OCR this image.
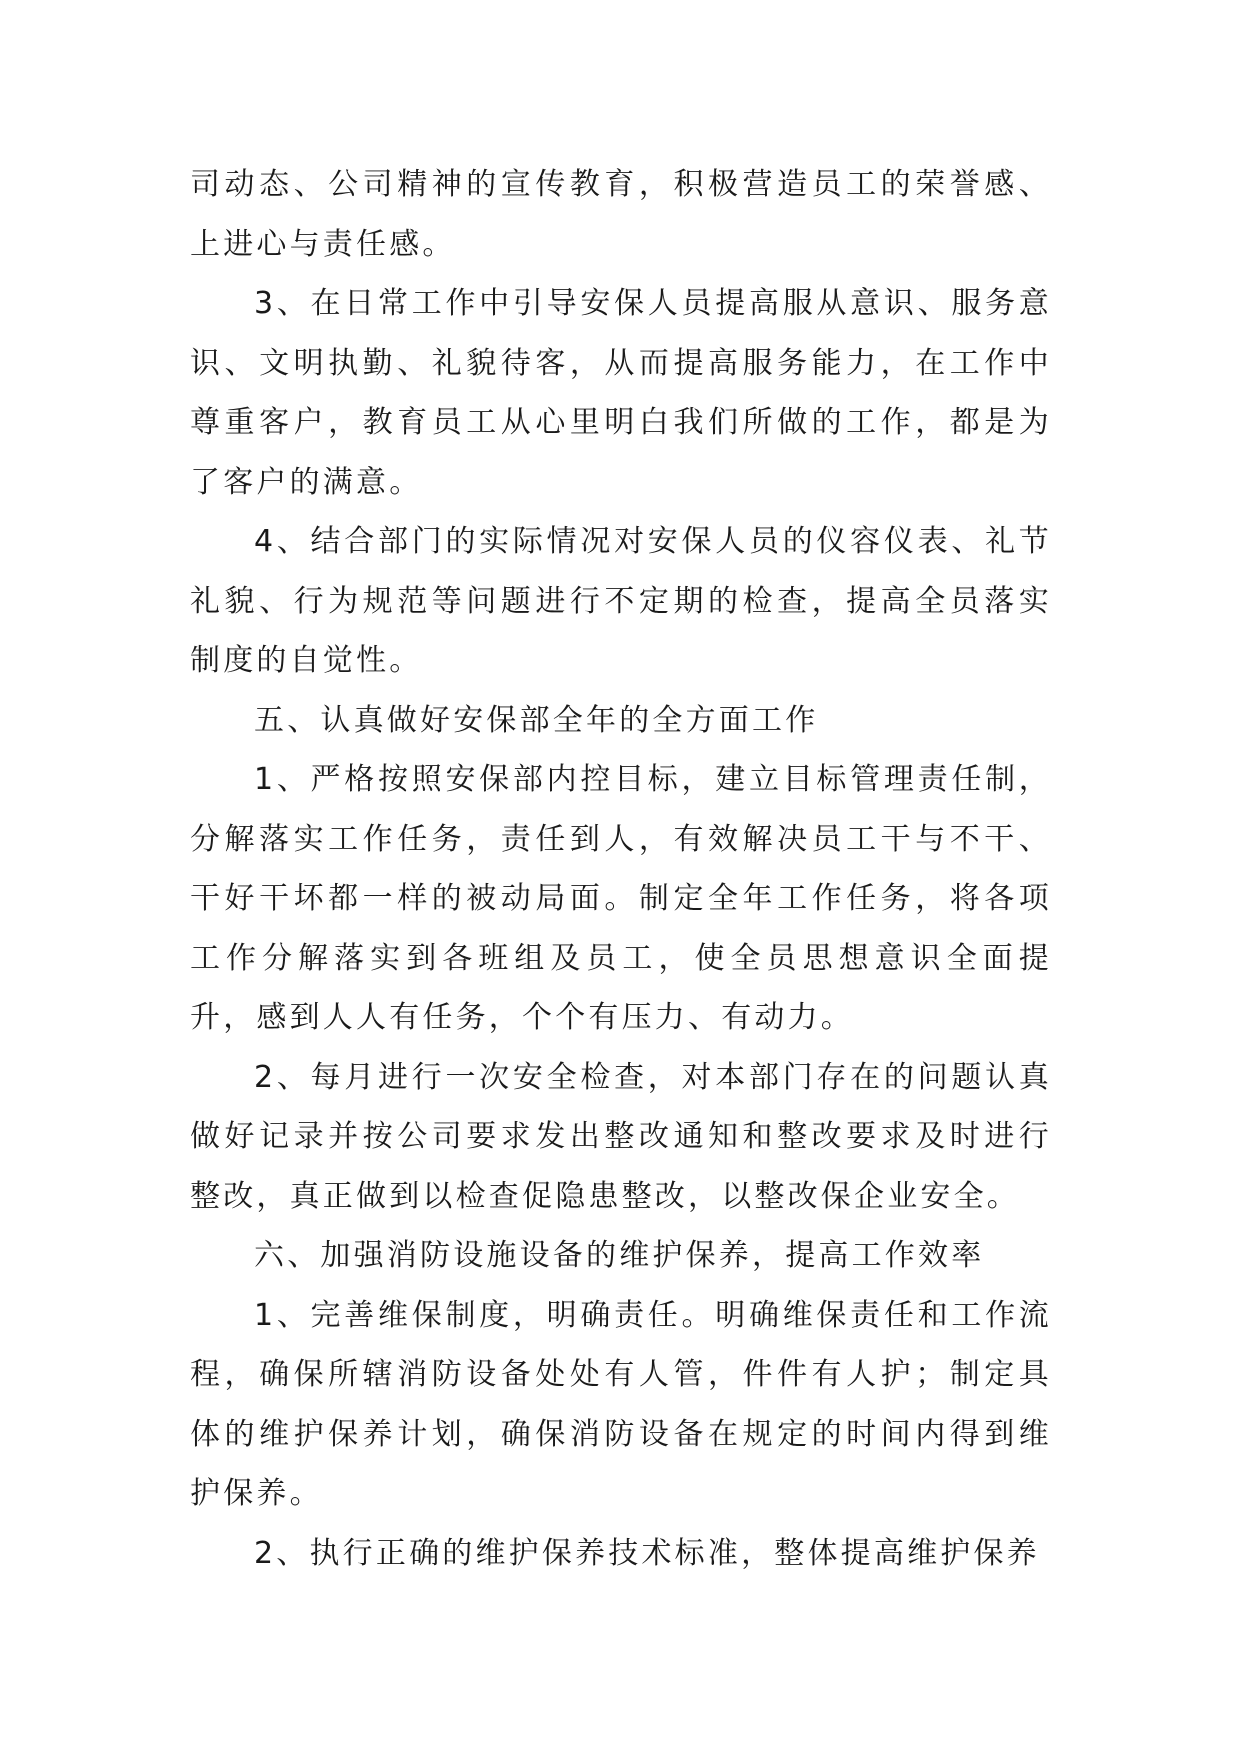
司动态、公司精神的宣传教育，积极营造员工的荣誉感、上进心与责任感。

3、在日常工作中引导安保人员提高服从意识、服务意识、文明执勤、礼貌待客，从而提高服务能力，在工作中尊重客户，教育员工从心里明白我们所做的工作，都是为了客户的满意。

4、结合部门的实际情况对安保人员的仪容仪表、礼节礼貌、行为规范等问题进行不定期的检查，提高全员落实制度的自觉性。

五、认真做好安保部全年的全方面工作

1、严格按照安保部内控目标，建立目标管理责任制，分解落实工作任务，责任到人，有效解决员工干与不干、干好干坏都一样的被动局面。制定全年工作任务，将各项工作分解落实到各班组及员工，使全员思想意识全面提升，感到人人有任务，个个有压力、有动力。

2、每月进行一次安全检查，对本部门存在的问题认真做好记录并按公司要求发出整改通知和整改要求及时进行整改，真正做到以检查促隐患整改，以整改保企业安全。

六、加强消防设施设备的维护保养，提高工作效率

1、完善维保制度，明确责任。明确维保责任和工作流程，确保所辖消防设备处处有人管，件件有人护；制定具体的维护保养计划，确保消防设备在规定的时间内得到维护保养。

2、执行正确的维护保养技术标准，整体提高维护保养
